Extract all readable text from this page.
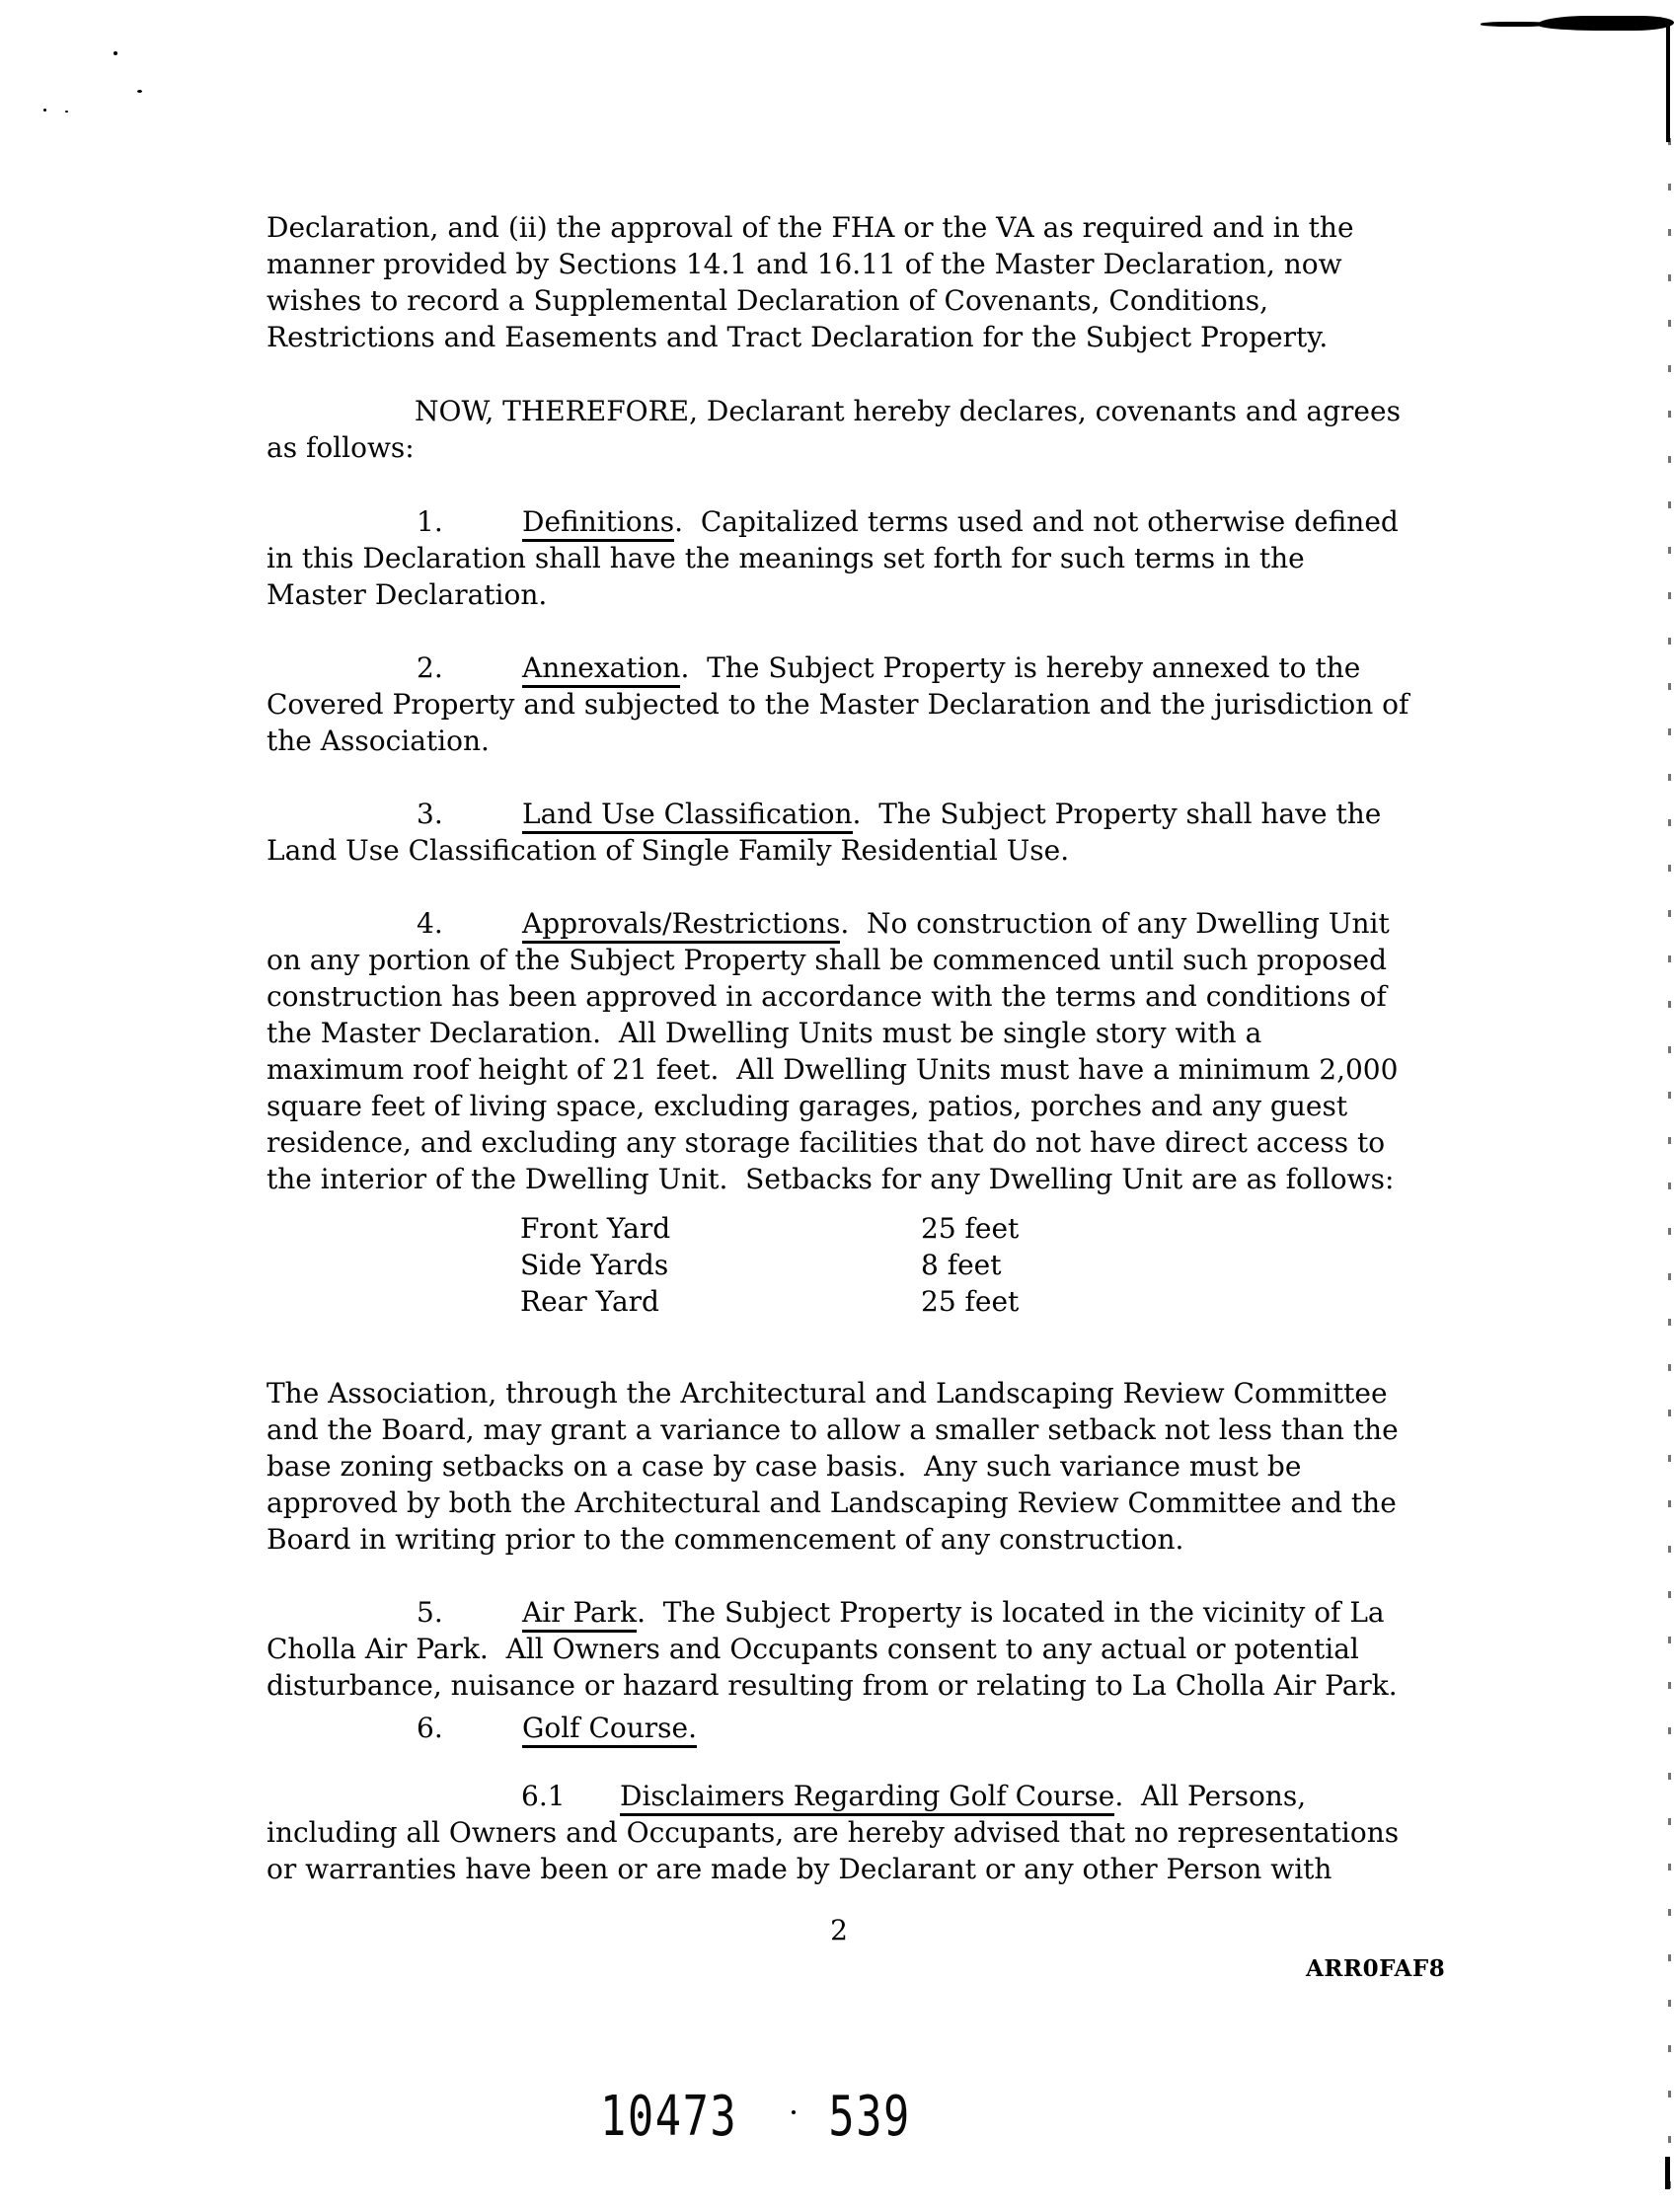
Declaration, and (ii) the approval of the FHA or the VA as required and in the
manner provided by Sections 14.1 and 16.11 of the Master Declaration, now
wishes to record a Supplemental Declaration of Covenants, Conditions,
Restrictions and Easements and Tract Declaration for the Subject Property.
NOW, THEREFORE, Declarant hereby declares, covenants and agrees
as follows:
1.	Definitions.  Capitalized terms used and not otherwise defined
in this Declaration shall have the meanings set forth for such terms in the
Master Declaration.
2.	Annexation.  The Subject Property is hereby annexed to the
Covered Property and subjected to the Master Declaration and the jurisdiction of
the Association.
3.	Land Use Classification.  The Subject Property shall have the
Land Use Classification of Single Family Residential Use.
4.	Approvals/Restrictions.  No construction of any Dwelling Unit
on any portion of the Subject Property shall be commenced until such proposed
construction has been approved in accordance with the terms and conditions of
the Master Declaration.  All Dwelling Units must be single story with a
maximum roof height of 21 feet.  All Dwelling Units must have a minimum 2,000
square feet of living space, excluding garages, patios, porches and any guest
residence, and excluding any storage facilities that do not have direct access to
the interior of the Dwelling Unit.  Setbacks for any Dwelling Unit are as follows:
Front Yard	25 feet
Side Yards	8 feet
Rear Yard	25 feet
The Association, through the Architectural and Landscaping Review Committee
and the Board, may grant a variance to allow a smaller setback not less than the
base zoning setbacks on a case by case basis.  Any such variance must be
approved by both the Architectural and Landscaping Review Committee and the
Board in writing prior to the commencement of any construction.
5.	Air Park.  The Subject Property is located in the vicinity of La
Cholla Air Park.  All Owners and Occupants consent to any actual or potential
disturbance, nuisance or hazard resulting from or relating to La Cholla Air Park.
6.	Golf Course.
6.1 Disclaimers Regarding Golf Course.  All Persons,
including all Owners and Occupants, are hereby advised that no representations
or warranties have been or are made by Declarant or any other Person with
2
ARR0FAF8
10473 539
